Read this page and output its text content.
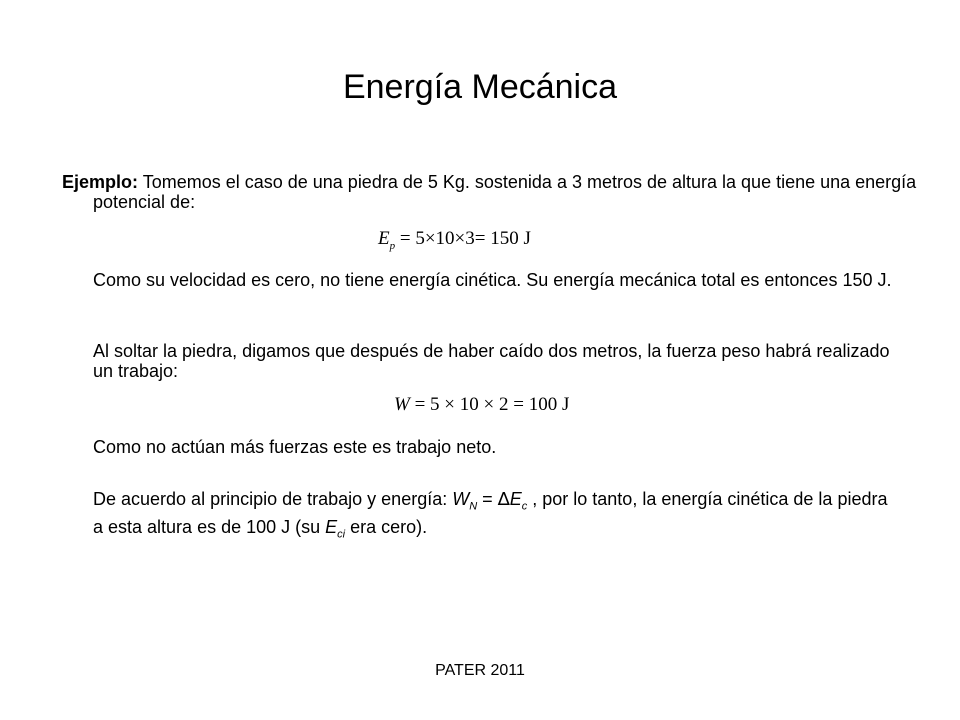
Energía Mecánica

Ejemplo: Tomemos el caso de una piedra de 5 Kg. sostenida a 3 metros de altura la que tiene una energía potencial de:

$E_p = 5\times 10\times 3= 150$ J

Como su velocidad es cero, no tiene energía cinética. Su energía mecánica total es entonces 150 J.

Al soltar la piedra, digamos que después de haber caído dos metros, la fuerza peso habrá realizado un trabajo:

W = 5 × 10 × 2 = 100 J

Como no actúan más fuerzas este es trabajo neto.

De acuerdo al principio de trabajo y energía: $W_N = \Delta E_c$ , por lo tanto, la energía cinética de la piedra a esta altura es de 100 J (su $E_{ci}$ era cero).

PATER 2011
